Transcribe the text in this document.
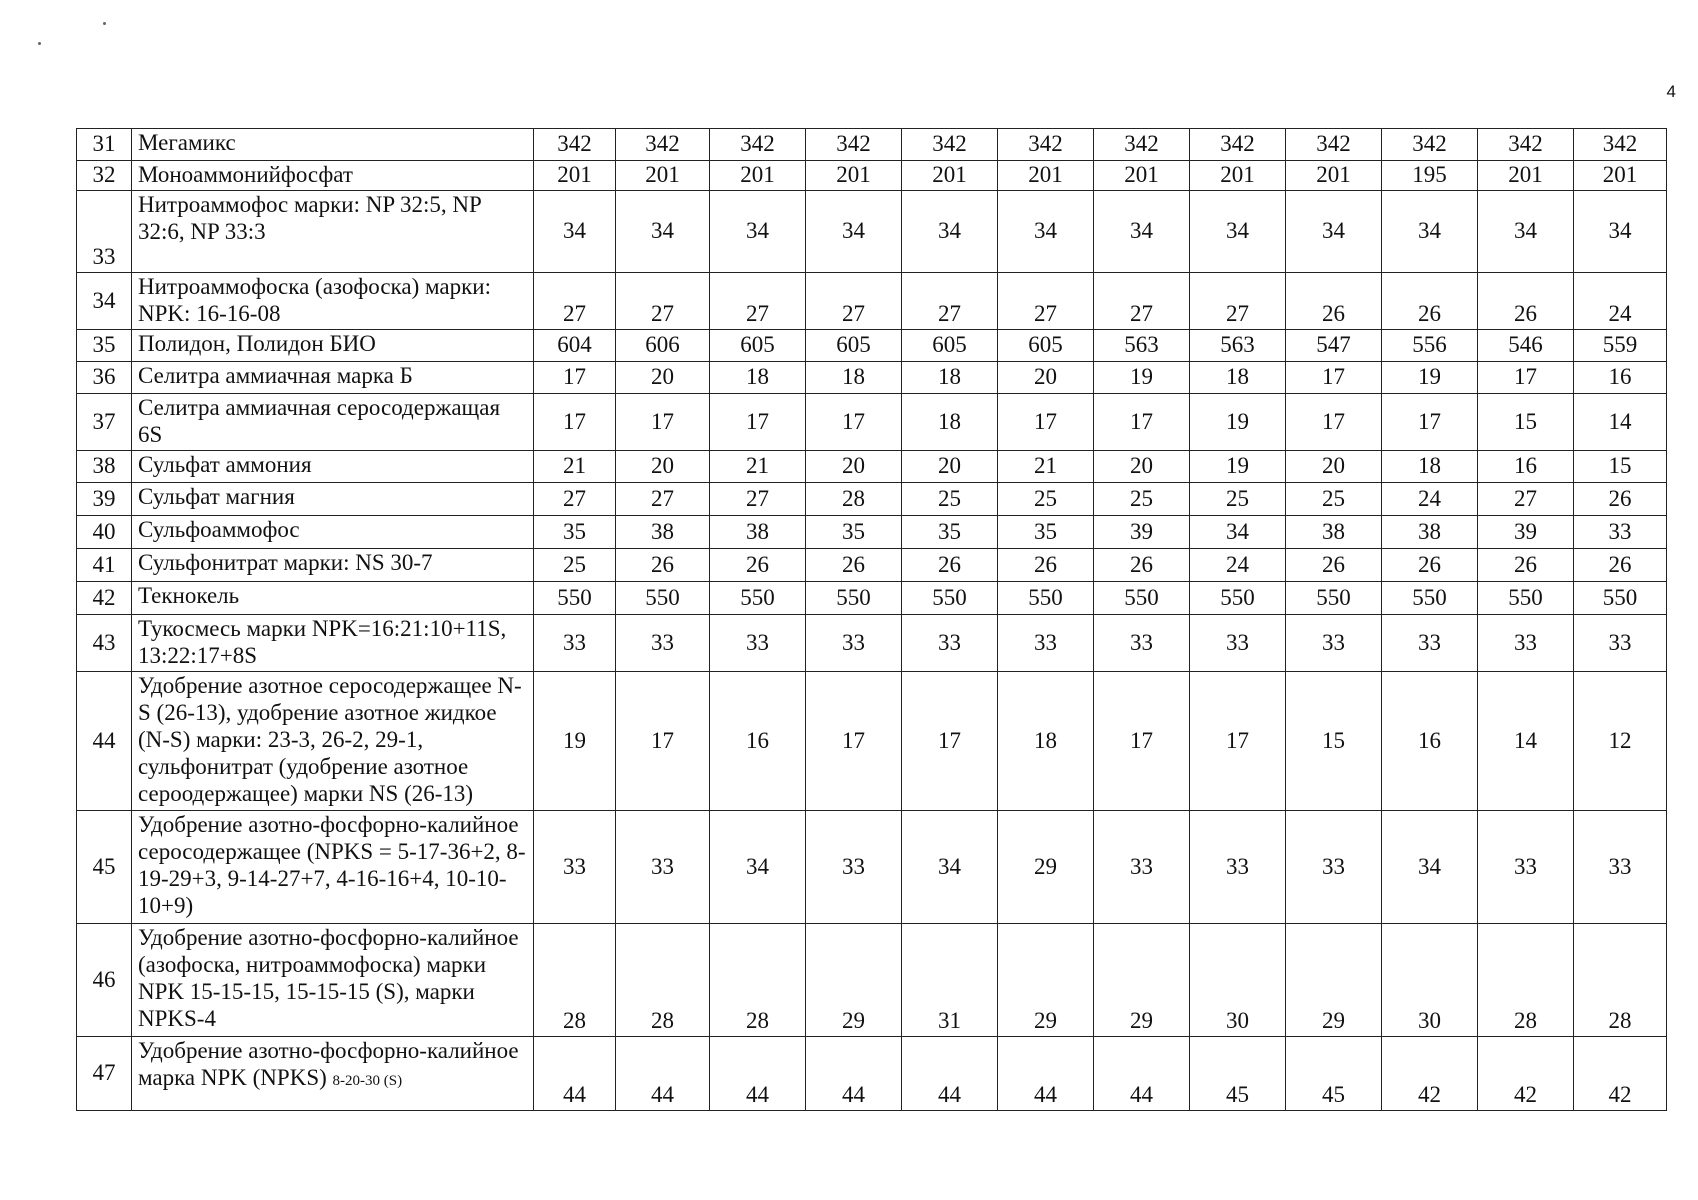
4
31	Мегамикс	342	342	342	342	342	342	342	342	342	342	342	342
32	Моноаммонийфосфат	201	201	201	201	201	201	201	201	201	195	201	201
33	Нитроаммофос марки: NP 32:5, NP 32:6, NP 33:3	34	34	34	34	34	34	34	34	34	34	34	34
34	Нитроаммофоска (азофоска) марки: NPK: 16-16-08	27	27	27	27	27	27	27	27	26	26	26	24
35	Полидон, Полидон БИО	604	606	605	605	605	605	563	563	547	556	546	559
36	Селитра аммиачная марка Б	17	20	18	18	18	20	19	18	17	19	17	16
37	Селитра аммиачная серосодержащая 6S	17	17	17	17	18	17	17	19	17	17	15	14
38	Сульфат аммония	21	20	21	20	20	21	20	19	20	18	16	15
39	Сульфат магния	27	27	27	28	25	25	25	25	25	24	27	26
40	Сульфоаммофос	35	38	38	35	35	35	39	34	38	38	39	33
41	Сульфонитрат марки: NS 30-7	25	26	26	26	26	26	26	24	26	26	26	26
42	Текнокель	550	550	550	550	550	550	550	550	550	550	550	550
43	Тукосмесь марки NPK=16:21:10+11S, 13:22:17+8S	33	33	33	33	33	33	33	33	33	33	33	33
44	Удобрение азотное серосодержащее N-S (26-13), удобрение азотное жидкое (N-S) марки: 23-3, 26-2, 29-1, сульфонитрат (удобрение азотное сероодержащее) марки NS (26-13)	19	17	16	17	17	18	17	17	15	16	14	12
45	Удобрение азотно-фосфорно-калийное серосодержащее (NPKS = 5-17-36+2, 8-19-29+3, 9-14-27+7, 4-16-16+4, 10-10-10+9)	33	33	34	33	34	29	33	33	33	34	33	33
46	Удобрение азотно-фосфорно-калийное (азофоска, нитроаммофоска) марки NPK 15-15-15, 15-15-15 (S), марки NPKS-4	28	28	28	29	31	29	29	30	29	30	28	28
47	Удобрение азотно-фосфорно-калийное марка NPK (NPKS) 8-20-30 (S)	44	44	44	44	44	44	44	45	45	42	42	42
